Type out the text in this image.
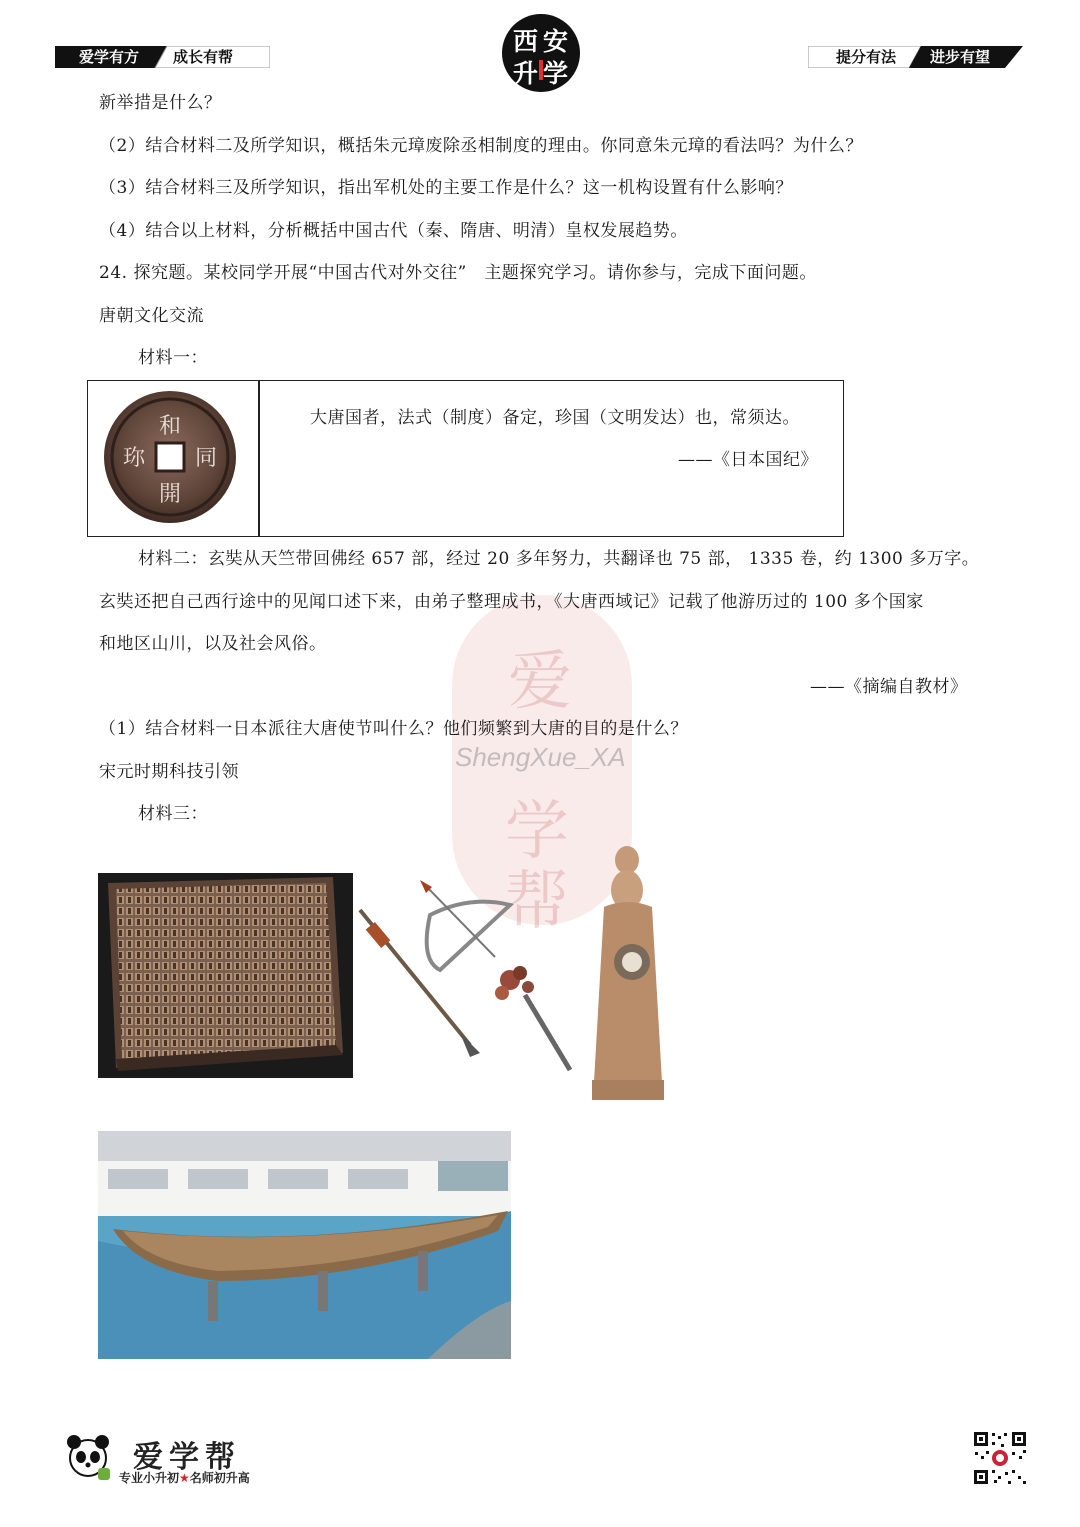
爱学有方 成长有帮
西 安
升 学
提分有法 进步有望
爱
学
帮
ShengXue_XA
新举措是什么？
（2）结合材料二及所学知识，概括朱元璋废除丞相制度的理由。你同意朱元璋的看法吗？为什么？
（3）结合材料三及所学知识，指出军机处的主要工作是什么？这一机构设置有什么影响？
（4）结合以上材料，分析概括中国古代（秦、隋唐、明清）皇权发展趋势。
24. 探究题。某校同学开展“中国古代对外交往”　主题探究学习。请你参与，完成下面问题。
唐朝文化交流
材料一：
和
同
開
珎
大唐国者，法式（制度）备定，珍国（文明发达）也，常须达。
——《日本国纪》
材料二：玄奘从天竺带回佛经 657 部，经过 20 多年努力，共翻译也 75 部， 1335 卷，约 1300 多万字。
玄奘还把自己西行途中的见闻口述下来，由弟子整理成书，《大唐西域记》记载了他游历过的 100 多个国家
和地区山川，以及社会风俗。
——《摘编自教材》
（1）结合材料一日本派往大唐使节叫什么？他们频繁到大唐的目的是什么？
宋元时期科技引领
材料三：
爱学帮
专业小升初★名师初升高
